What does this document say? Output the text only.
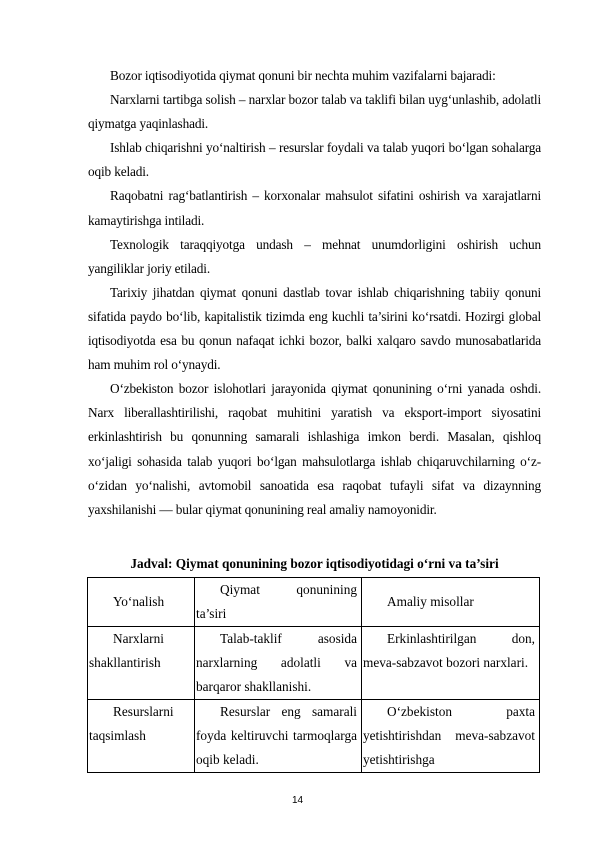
Bozor iqtisodiyotida qiymat qonuni bir nechta muhim vazifalarni bajaradi:

Narxlarni tartibga solish – narxlar bozor talab va taklifi bilan uyg‘unlashib, adolatli qiymatga yaqinlashadi.

Ishlab chiqarishni yo‘naltirish – resurslar foydali va talab yuqori bo‘lgan sohalarga oqib keladi.

Raqobatni rag‘batlantirish – korxonalar mahsulot sifatini oshirish va xarajatlarni kamaytirishga intiladi.

Texnologik taraqqiyotga undash – mehnat unumdorligini oshirish uchun yangiliklar joriy etiladi.

Tarixiy jihatdan qiymat qonuni dastlab tovar ishlab chiqarishning tabiiy qonuni sifatida paydo bo‘lib, kapitalistik tizimda eng kuchli ta’sirini ko‘rsatdi. Hozirgi global iqtisodiyotda esa bu qonun nafaqat ichki bozor, balki xalqaro savdo munosabatlarida ham muhim rol o‘ynaydi.

O‘zbekiston bozor islohotlari jarayonida qiymat qonunining o‘rni yanada oshdi. Narx liberallashtirilishi, raqobat muhitini yaratish va eksport-import siyosatini erkinlashtirish bu qonunning samarali ishlashiga imkon berdi. Masalan, qishloq xo‘jaligi sohasida talab yuqori bo‘lgan mahsulotlarga ishlab chiqaruvchilarning o‘z-o‘zidan yo‘nalishi, avtomobil sanoatida esa raqobat tufayli sifat va dizaynning yaxshilanishi — bular qiymat qonunining real amaliy namoyonidir.

Jadval: Qiymat qonunining bozor iqtisodiyotidagi o‘rni va ta’siri
Yo‘nalish	Qiymat qonunining ta’siri	Amaliy misollar

Narxlarni shakllantirish	Talab-taklif asosida narxlarning adolatli va barqaror shakllanishi.	Erkinlashtirilgan don, meva-sabzavot bozori narxlari.

Resurslarni taqsimlash	Resurslar eng samarali foyda keltiruvchi tarmoqlarga oqib keladi.	O‘zbekiston paxta yetishtirishdan meva-sabzavot yetishtirishga
14
